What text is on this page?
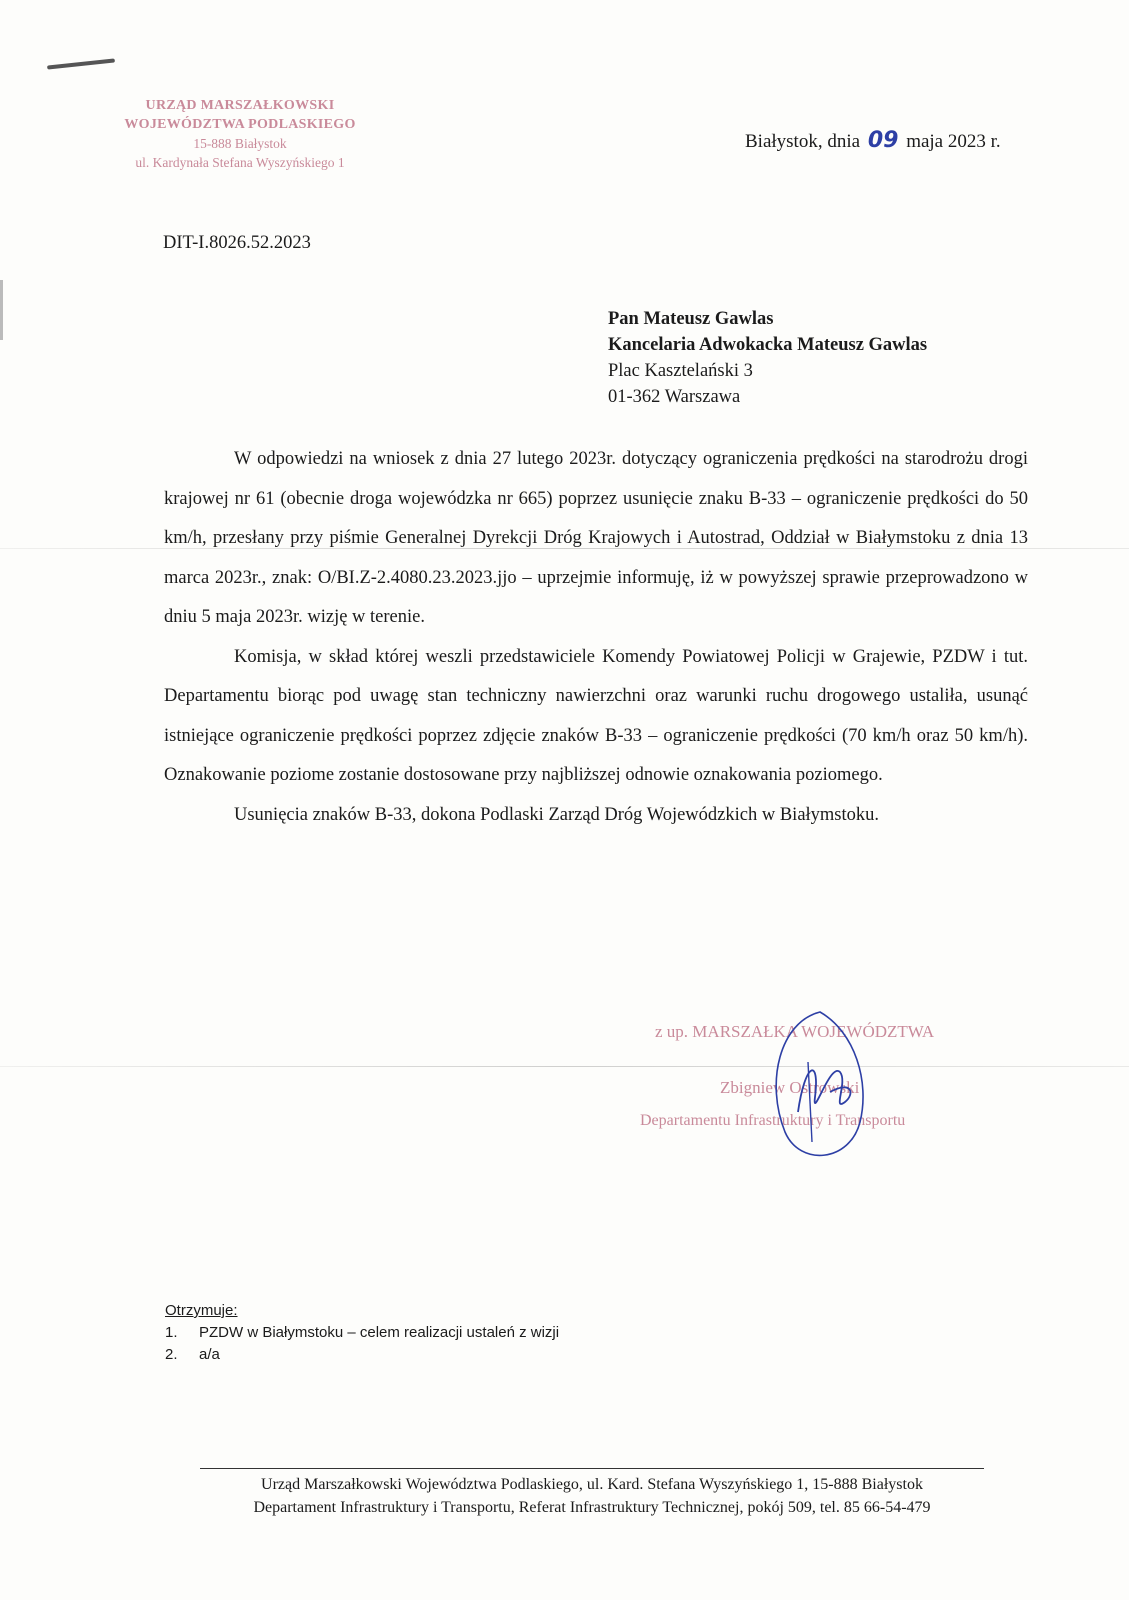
URZĄD MARSZAŁKOWSKI
WOJEWÓDZTWA PODLASKIEGO
15-888 Białystok
ul. Kardynała Stefana Wyszyńskiego 1
Białystok, dnia 09 maja 2023 r.
DIT-I.8026.52.2023
Pan Mateusz Gawlas
Kancelaria Adwokacka Mateusz Gawlas
Plac Kasztelański 3
01-362 Warszawa

W odpowiedzi na wniosek z dnia 27 lutego 2023r. dotyczący ograniczenia prędkości na starodrożu drogi krajowej nr 61 (obecnie droga wojewódzka nr 665) poprzez usunięcie znaku B-33 – ograniczenie prędkości do 50 km/h, przesłany przy piśmie Generalnej Dyrekcji Dróg Krajowych i Autostrad, Oddział w Białymstoku z dnia 13 marca 2023r., znak: O/BI.Z-2.4080.23.2023.jjo – uprzejmie informuję, iż w powyższej sprawie przeprowadzono w dniu 5 maja 2023r. wizję w terenie.

Komisja, w skład której weszli przedstawiciele Komendy Powiatowej Policji w Grajewie, PZDW i tut. Departamentu biorąc pod uwagę stan techniczny nawierzchni oraz warunki ruchu drogowego ustaliła, usunąć istniejące ograniczenie prędkości poprzez zdjęcie znaków B-33 – ograniczenie prędkości (70 km/h oraz 50 km/h). Oznakowanie poziome zostanie dostosowane przy najbliższej odnowie oznakowania poziomego.

Usunięcia znaków B-33, dokona Podlaski Zarząd Dróg Wojewódzkich w Białymstoku.

z up. MARSZAŁKA WOJEWÓDZTWA
Zbigniew Ostrowski
Departamentu Infrastruktury i Transportu
Otrzymuje:
1.	PZDW w Białymstoku – celem realizacji ustaleń z wizji
2.	a/a
Urząd Marszałkowski Województwa Podlaskiego, ul. Kard. Stefana Wyszyńskiego 1, 15-888 Białystok
Departament Infrastruktury i Transportu, Referat Infrastruktury Technicznej, pokój 509, tel. 85 66-54-479
